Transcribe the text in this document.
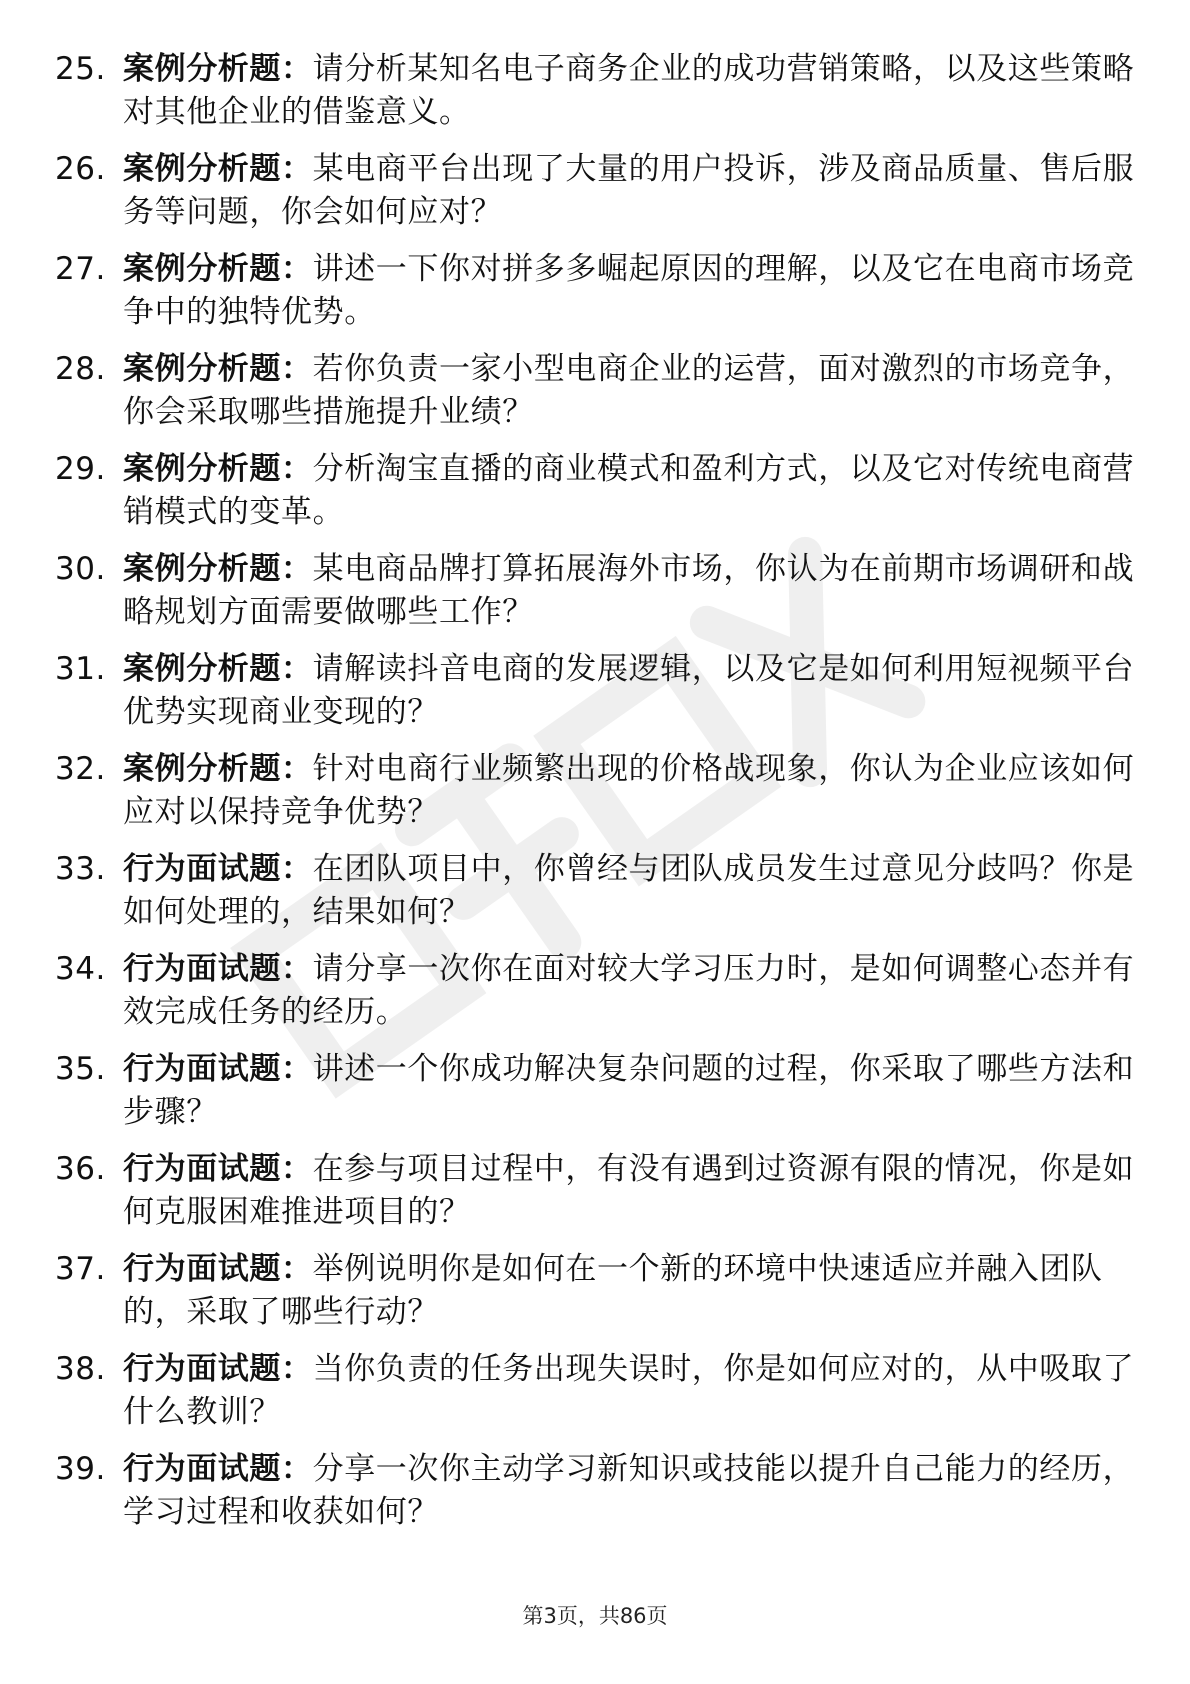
25. 案例分析题：请分析某知名电子商务企业的成功营销策略，以及这些策略对其他企业的借鉴意义。
26. 案例分析题：某电商平台出现了大量的用户投诉，涉及商品质量、售后服务等问题，你会如何应对？
27. 案例分析题：讲述一下你对拼多多崛起原因的理解，以及它在电商市场竞争中的独特优势。
28. 案例分析题：若你负责一家小型电商企业的运营，面对激烈的市场竞争，你会采取哪些措施提升业绩？
29. 案例分析题：分析淘宝直播的商业模式和盈利方式，以及它对传统电商营销模式的变革。
30. 案例分析题：某电商品牌打算拓展海外市场，你认为在前期市场调研和战略规划方面需要做哪些工作？
31. 案例分析题：请解读抖音电商的发展逻辑，以及它是如何利用短视频平台优势实现商业变现的？
32. 案例分析题：针对电商行业频繁出现的价格战现象，你认为企业应该如何应对以保持竞争优势？
33. 行为面试题：在团队项目中，你曾经与团队成员发生过意见分歧吗？你是如何处理的，结果如何？
34. 行为面试题：请分享一次你在面对较大学习压力时，是如何调整心态并有效完成任务的经历。
35. 行为面试题：讲述一个你成功解决复杂问题的过程，你采取了哪些方法和步骤？
36. 行为面试题：在参与项目过程中，有没有遇到过资源有限的情况，你是如何克服困难推进项目的？
37. 行为面试题：举例说明你是如何在一个新的环境中快速适应并融入团队的，采取了哪些行动？
38. 行为面试题：当你负责的任务出现失误时，你是如何应对的，从中吸取了什么教训？
39. 行为面试题：分享一次你主动学习新知识或技能以提升自己能力的经历，学习过程和收获如何？
第3页，共86页
